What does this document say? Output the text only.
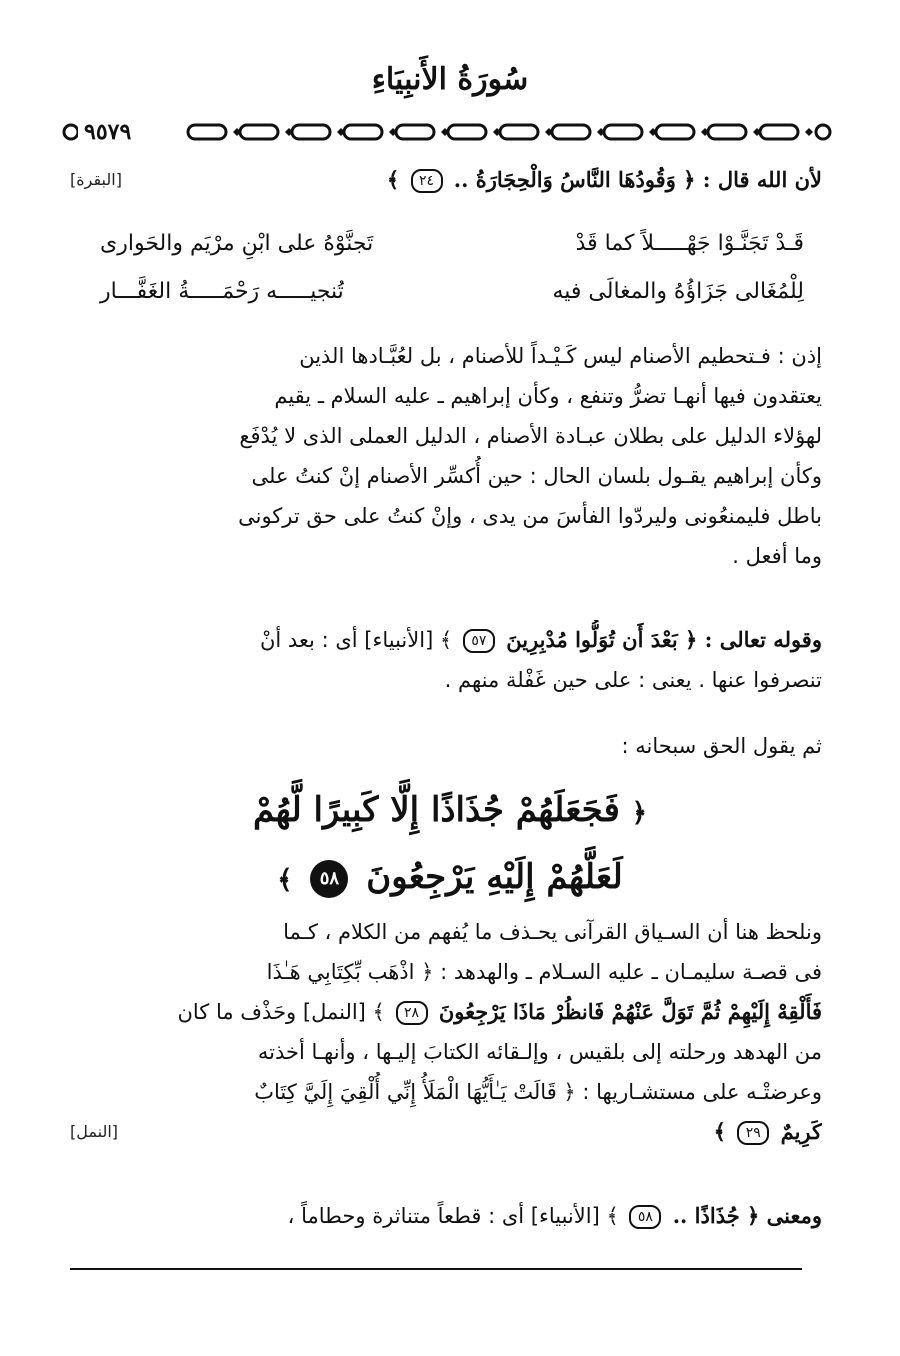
سُورَةُ الأَنبِيَاءِ
٩٥٧٩
لأن الله قال : ﴿ وَقُودُهَا النَّاسُ وَالْحِجَارَةُ .. ٢٤ ﴾
[البقرة]
قَـدْ تَجَنَّـوْا جَهْـــــلاً كما قَدْ
تَجنَّوْهُ على ابْنِ مرْيَم والحَوارى
لِلْمُغَالى جَزَاؤُهُ والمغالَى فيه
تُنجيـــــه رَحْمَـــــةُ الغَفَّـــار
إذن : فـتحطيم الأصنام ليس كَـيْـداً للأصنام ، بل لعُبَّـادها الذين
يعتقدون فيها أنهـا تضرُّ وتنفع ، وكأن إبراهيم ـ عليه السلام ـ يقيم
لهؤلاء الدليل على بطلان عبـادة الأصنام ، الدليل العملى الذى لا يُدْفَع
وكأن إبراهيم يقـول بلسان الحال : حين أُكسِّر الأصنام إنْ كنتُ على
باطل فليمنعُونى وليردّوا الفأسَ من يدى ، وإنْ كنتُ على حق تركونى
وما أفعل .
وقوله تعالى : ﴿ بَعْدَ أَن تُوَلُّوا مُدْبِرِينَ ٥٧ ﴾ [الأنبياء] أى : بعد أنْ
تنصرفوا عنها . يعنى : على حين غَفْلة منهم .
ثم يقول الحق سبحانه :
﴿ فَجَعَلَهُمْ جُذَاذًا إِلَّا كَبِيرًا لَّهُمْ
لَعَلَّهُمْ إِلَيْهِ يَرْجِعُونَ ٥٨ ﴾
ونلحظ هنا أن السـياق القرآنى يحـذف ما يُفهم من الكلام ، كـما
فى قصـة سليمـان ـ عليه السـلام ـ والهدهد : ﴿ اذْهَب بِّكِتَابِي هَـٰذَا
فَأَلْقِهْ إِلَيْهِمْ ثُمَّ تَوَلَّ عَنْهُمْ فَانظُرْ مَاذَا يَرْجِعُونَ ٢٨ ﴾ [النمل] وحَذْف ما كان
من الهدهد ورحلته إلى بلقيس ، وإلـقائه الكتابَ إليـها ، وأنهـا أخذته
وعرضتْـه على مستشـاريها : ﴿ قَالَتْ يَـٰأَيُّهَا الْمَلَأُ إِنِّي أُلْقِيَ إِلَيَّ كِتَابٌ
كَرِيمٌ ٢٩ ﴾
[النمل]
ومعنى ﴿ جُذَاذًا .. ٥٨ ﴾ [الأنبياء] أى : قطعاً متناثرة وحطاماً ،
